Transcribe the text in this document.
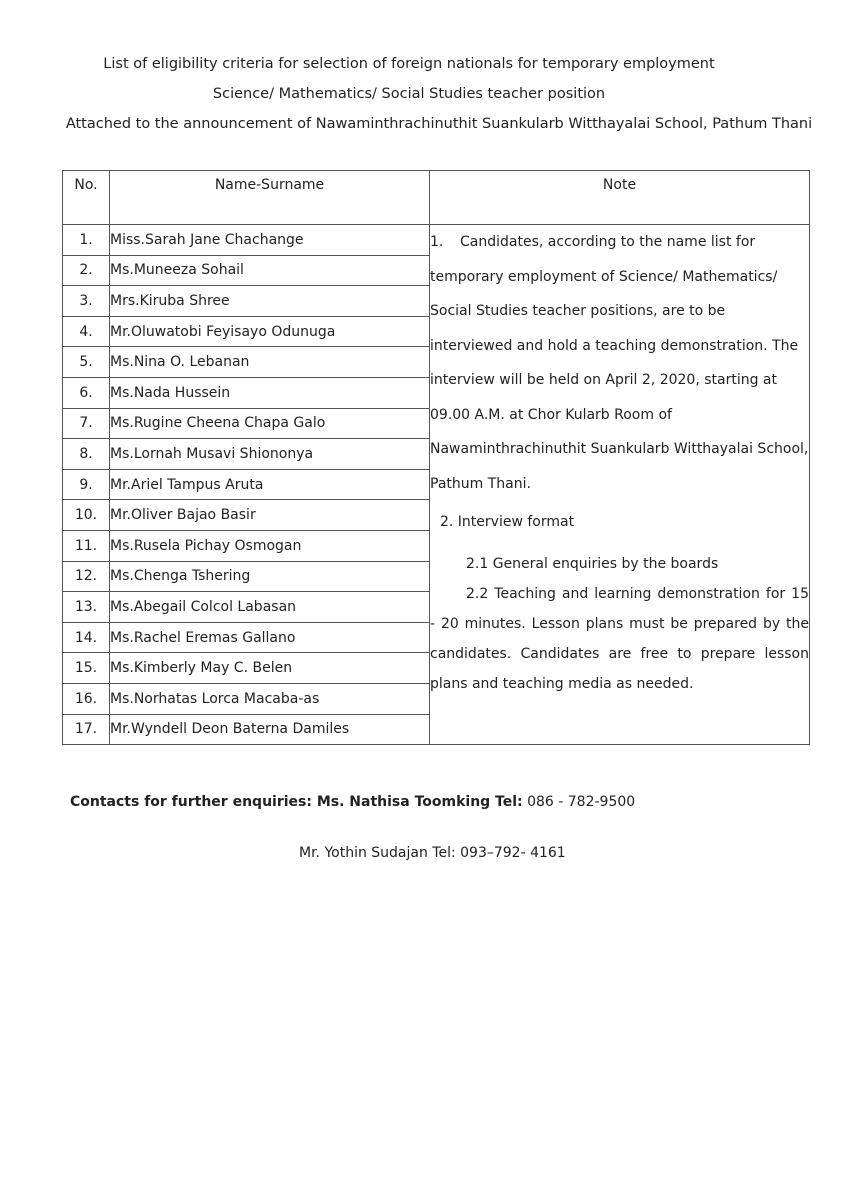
List of eligibility criteria for selection of foreign nationals for temporary employment
Science/ Mathematics/ Social Studies teacher position
Attached to the announcement of Nawaminthrachinuthit Suankularb Witthayalai School, Pathum Thani
No.	Name-Surname	Note
1.	Miss.Sarah Jane Chachange	1. Candidates, according to the name list for temporary employment of Science/ Mathematics/ Social Studies teacher positions, are to be interviewed and hold a teaching demonstration. The interview will be held on April 2, 2020, starting at 09.00 A.M. at Chor Kularb Room of Nawaminthrachinuthit Suankularb Witthayalai School, Pathum Thani.

2. Interview format
2.1 General enquiries by the boards
2.2 Teaching and learning demonstration for 15 - 20 minutes. Lesson plans must be prepared by the candidates. Candidates are free to prepare lesson plans and teaching media as needed.

2.	Ms.Muneeza Sohail	
3.	Mrs.Kiruba Shree	
4.	Mr.Oluwatobi Feyisayo Odunuga	
5.	Ms.Nina O. Lebanan	
6.	Ms.Nada Hussein	
7.	Ms.Rugine Cheena Chapa Galo	
8.	Ms.Lornah Musavi Shiononya	
9.	Mr.Ariel Tampus Aruta	
10.	Mr.Oliver Bajao Basir	
11.	Ms.Rusela Pichay Osmogan	
12.	Ms.Chenga Tshering	
13.	Ms.Abegail Colcol Labasan	
14.	Ms.Rachel Eremas Gallano	
15.	Ms.Kimberly May C. Belen	
16.	Ms.Norhatas Lorca Macaba-as	
17.	Mr.Wyndell Deon Baterna Damiles	
Contacts for further enquiries: Ms. Nathisa Toomking Tel: 086 - 782-9500
Mr. Yothin Sudajan Tel: 093–792- 4161
